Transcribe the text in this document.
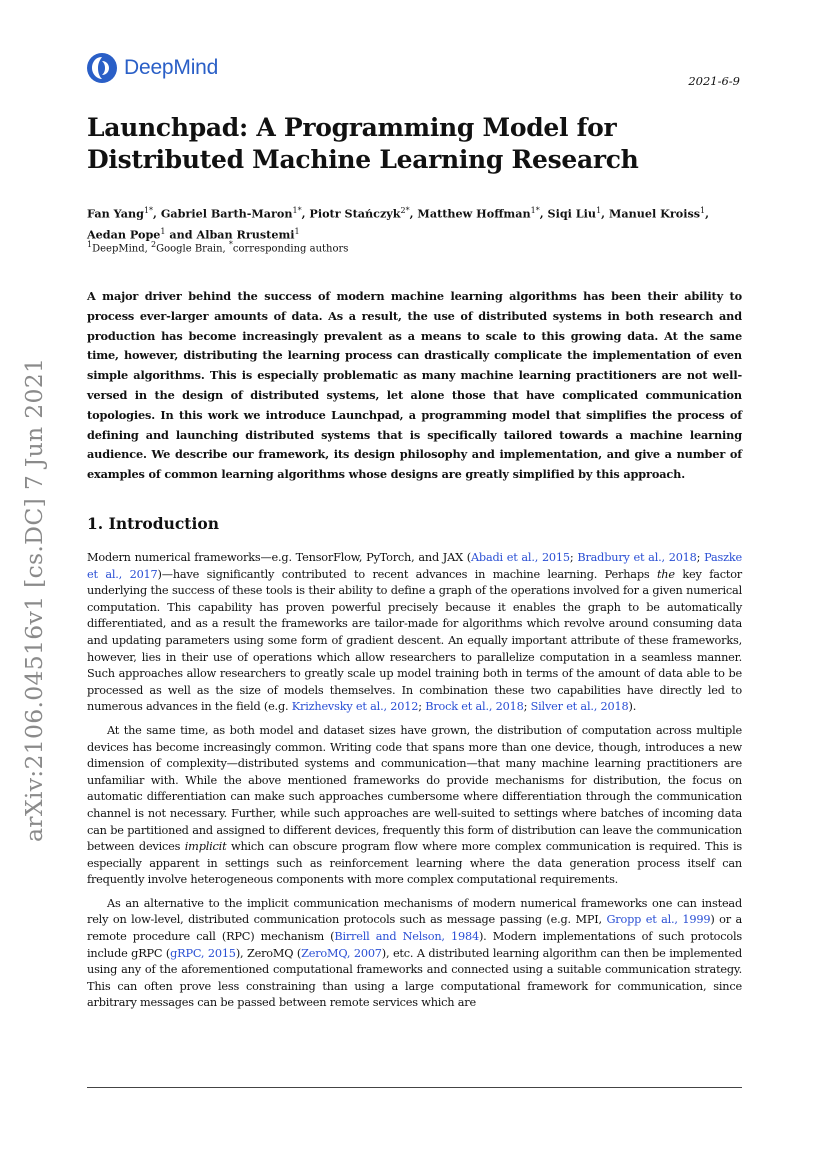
DeepMind
2021-6-9
Launchpad: A Programming Model for Distributed Machine Learning Research
Fan Yang$^{1*}$, Gabriel Barth-Maron$^{1*}$, Piotr Stańczyk$^{2*}$, Matthew Hoffman$^{1*}$, Siqi Liu$^1$, Manuel Kroiss$^1$, Aedan Pope$^1$ and Alban Rrustemi$^1$
$^1$DeepMind, $^2$Google Brain, *corresponding authors
A major driver behind the success of modern machine learning algorithms has been their ability to process ever-larger amounts of data. As a result, the use of distributed systems in both research and production has become increasingly prevalent as a means to scale to this growing data. At the same time, however, distributing the learning process can drastically complicate the implementation of even simple algorithms. This is especially problematic as many machine learning practitioners are not well-versed in the design of distributed systems, let alone those that have complicated communication topologies. In this work we introduce Launchpad, a programming model that simplifies the process of defining and launching distributed systems that is specifically tailored towards a machine learning audience. We describe our framework, its design philosophy and implementation, and give a number of examples of common learning algorithms whose designs are greatly simplified by this approach.
arXiv:2106.04516v1 [cs.DC] 7 Jun 2021	1. Introduction

Modern numerical frameworks—e.g. TensorFlow, PyTorch, and JAX (Abadi et al., 2015; Bradbury et al., 2018; Paszke et al., 2017)—have significantly contributed to recent advances in machine learning. Perhaps the key factor underlying the success of these tools is their ability to define a graph of the operations involved for a given numerical computation. This capability has proven powerful precisely because it enables the graph to be automatically differentiated, and as a result the frameworks are tailor-made for algorithms which revolve around consuming data and updating parameters using some form of gradient descent. An equally important attribute of these frameworks, however, lies in their use of operations which allow researchers to parallelize computation in a seamless manner. Such approaches allow researchers to greatly scale up model training both in terms of the amount of data able to be processed as well as the size of models themselves. In combination these two capabilities have directly led to numerous advances in the field (e.g. Krizhevsky et al., 2012; Brock et al., 2018; Silver et al., 2018).

At the same time, as both model and dataset sizes have grown, the distribution of computation across multiple devices has become increasingly common. Writing code that spans more than one device, though, introduces a new dimension of complexity—distributed systems and communication—that many machine learning practitioners are unfamiliar with. While the above mentioned frameworks do provide mechanisms for distribution, the focus on automatic differentiation can make such approaches cumbersome where differentiation through the communication channel is not necessary. Further, while such approaches are well-suited to settings where batches of incoming data can be partitioned and assigned to different devices, frequently this form of distribution can leave the communication between devices implicit which can obscure program flow where more complex communication is required. This is especially apparent in settings such as reinforcement learning where the data generation process itself can frequently involve heterogeneous components with more complex computational requirements.

As an alternative to the implicit communication mechanisms of modern numerical frameworks one can instead rely on low-level, distributed communication protocols such as message passing (e.g. MPI, Gropp et al., 1999) or a remote procedure call (RPC) mechanism (Birrell and Nelson, 1984). Modern implementations of such protocols include gRPC (gRPC, 2015), ZeroMQ (ZeroMQ, 2007), etc. A distributed learning algorithm can then be implemented using any of the aforementioned computational frameworks and connected using a suitable communication strategy. This can often prove less constraining than using a large computational framework for communication, since arbitrary messages can be passed between remote services which are
